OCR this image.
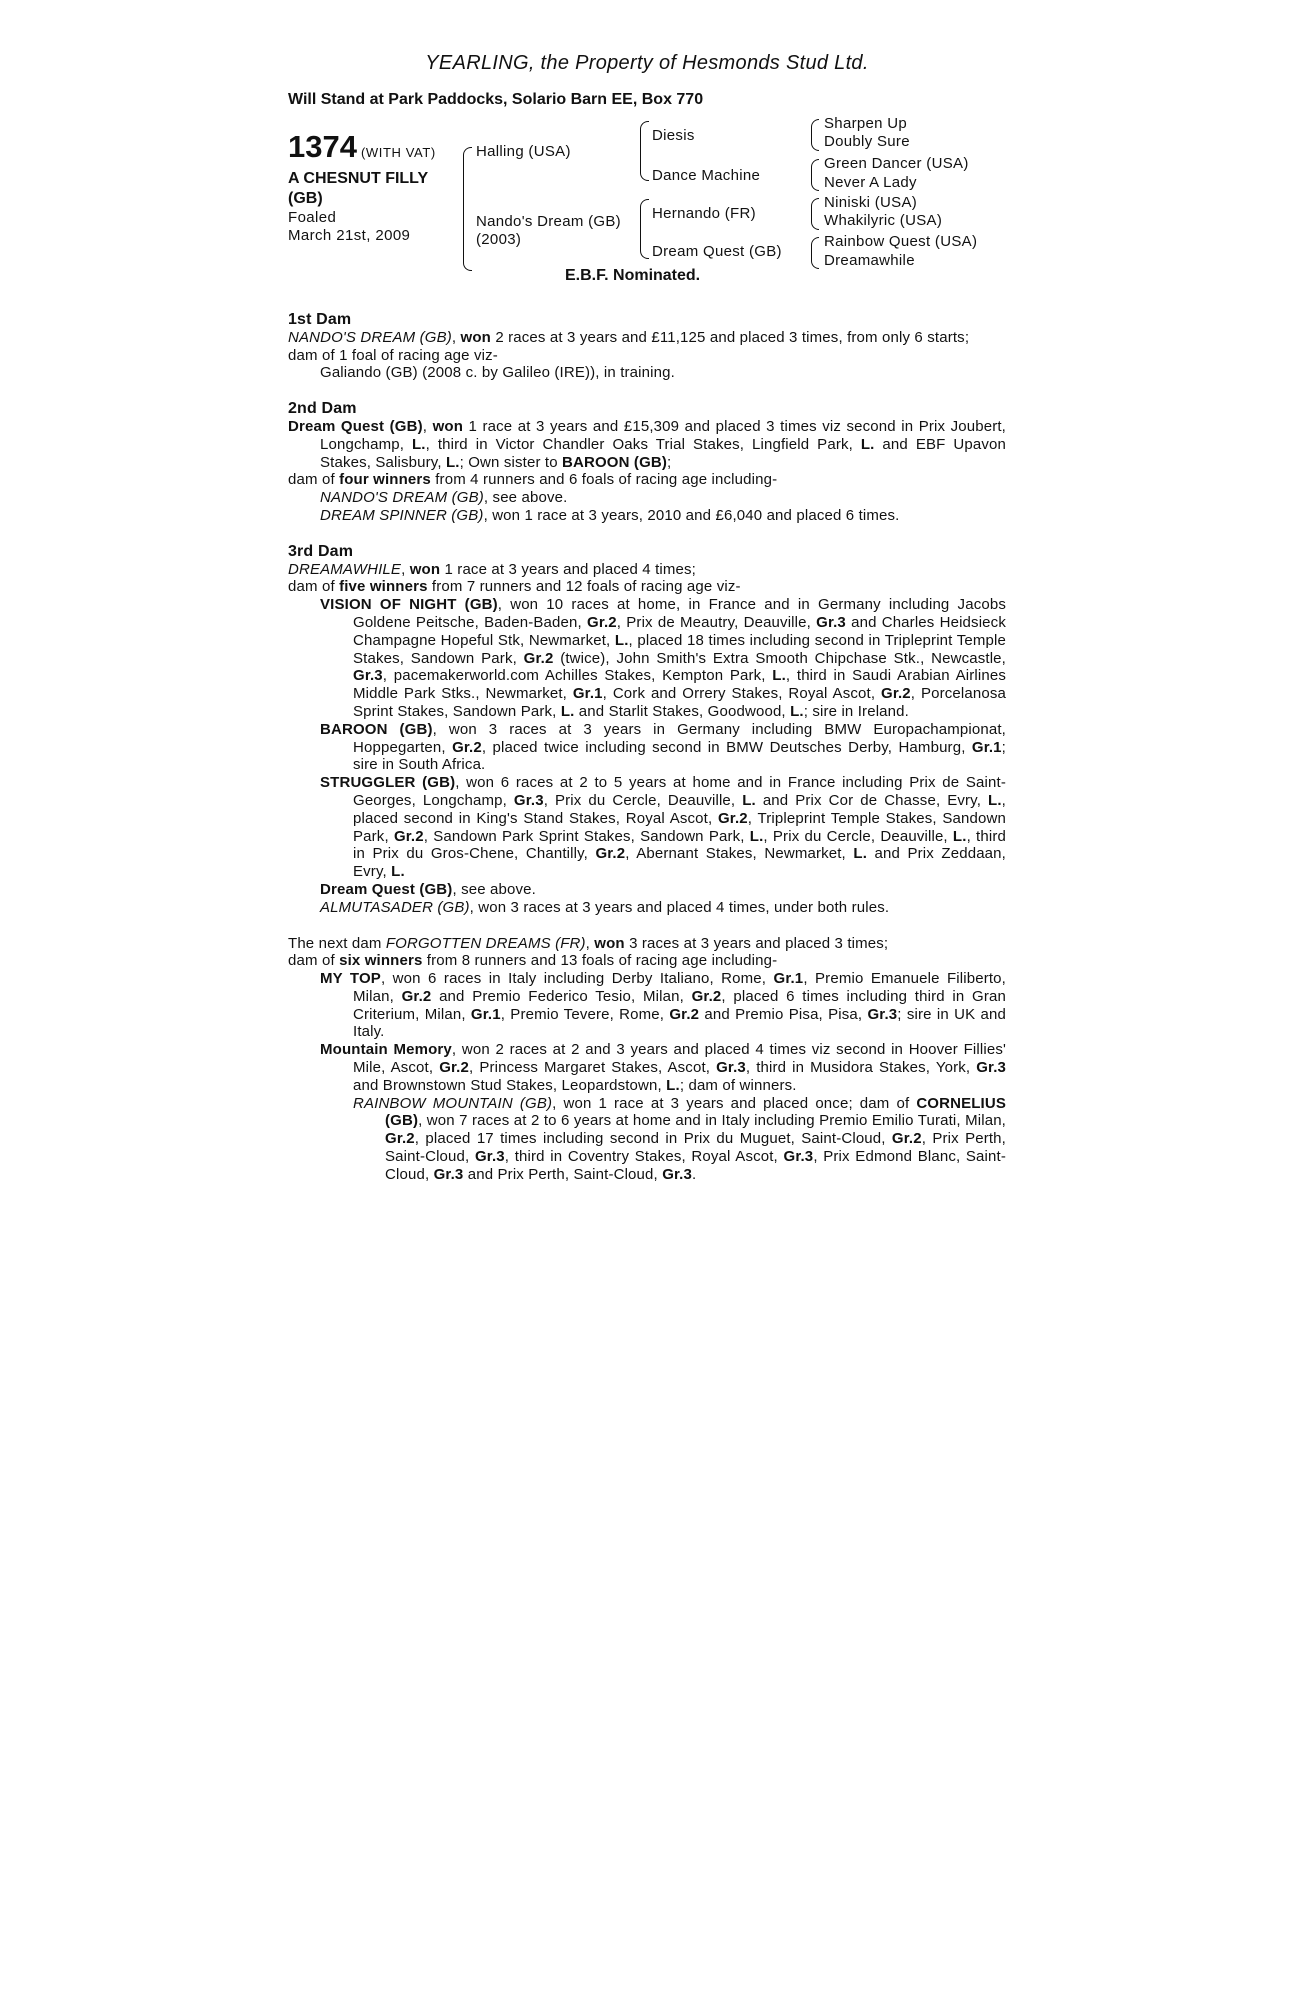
YEARLING, the Property of Hesmonds Stud Ltd.
Will Stand at Park Paddocks, Solario Barn EE, Box 770
1374 (WITH VAT)
A CHESNUT FILLY (GB)
Foaled
March 21st, 2009
Halling (USA)
Nando's Dream (GB)
(2003)
Diesis
Dance Machine
Hernando (FR)
Dream Quest (GB)
Sharpen Up
Doubly Sure
Green Dancer (USA)
Never A Lady
Niniski (USA)
Whakilyric (USA)
Rainbow Quest (USA)
Dreamawhile
E.B.F. Nominated.
1st Dam
NANDO'S DREAM (GB), won 2 races at 3 years and £11,125 and placed 3 times, from only 6 starts;
dam of 1 foal of racing age viz-
Galiando (GB) (2008 c. by Galileo (IRE)), in training.
2nd Dam
Dream Quest (GB), won 1 race at 3 years and £15,309 and placed 3 times viz second in Prix Joubert, Longchamp, L., third in Victor Chandler Oaks Trial Stakes, Lingfield Park, L. and EBF Upavon Stakes, Salisbury, L.; Own sister to BAROON (GB);
dam of four winners from 4 runners and 6 foals of racing age including-
NANDO'S DREAM (GB), see above.
DREAM SPINNER (GB), won 1 race at 3 years, 2010 and £6,040 and placed 6 times.
3rd Dam
DREAMAWHILE, won 1 race at 3 years and placed 4 times;
dam of five winners from 7 runners and 12 foals of racing age viz-
VISION OF NIGHT (GB), won 10 races at home, in France and in Germany including Jacobs Goldene Peitsche, Baden-Baden, Gr.2, Prix de Meautry, Deauville, Gr.3 and Charles Heidsieck Champagne Hopeful Stk, Newmarket, L., placed 18 times including second in Tripleprint Temple Stakes, Sandown Park, Gr.2 (twice), John Smith's Extra Smooth Chipchase Stk., Newcastle, Gr.3, pacemakerworld.com Achilles Stakes, Kempton Park, L., third in Saudi Arabian Airlines Middle Park Stks., Newmarket, Gr.1, Cork and Orrery Stakes, Royal Ascot, Gr.2, Porcelanosa Sprint Stakes, Sandown Park, L. and Starlit Stakes, Goodwood, L.; sire in Ireland.
BAROON (GB), won 3 races at 3 years in Germany including BMW Europachampionat, Hoppegarten, Gr.2, placed twice including second in BMW Deutsches Derby, Hamburg, Gr.1; sire in South Africa.
STRUGGLER (GB), won 6 races at 2 to 5 years at home and in France including Prix de Saint-Georges, Longchamp, Gr.3, Prix du Cercle, Deauville, L. and Prix Cor de Chasse, Evry, L., placed second in King's Stand Stakes, Royal Ascot, Gr.2, Tripleprint Temple Stakes, Sandown Park, Gr.2, Sandown Park Sprint Stakes, Sandown Park, L., Prix du Cercle, Deauville, L., third in Prix du Gros-Chene, Chantilly, Gr.2, Abernant Stakes, Newmarket, L. and Prix Zeddaan, Evry, L.
Dream Quest (GB), see above.
ALMUTASADER (GB), won 3 races at 3 years and placed 4 times, under both rules.
The next dam FORGOTTEN DREAMS (FR), won 3 races at 3 years and placed 3 times;
dam of six winners from 8 runners and 13 foals of racing age including-
MY TOP, won 6 races in Italy including Derby Italiano, Rome, Gr.1, Premio Emanuele Filiberto, Milan, Gr.2 and Premio Federico Tesio, Milan, Gr.2, placed 6 times including third in Gran Criterium, Milan, Gr.1, Premio Tevere, Rome, Gr.2 and Premio Pisa, Pisa, Gr.3; sire in UK and Italy.
Mountain Memory, won 2 races at 2 and 3 years and placed 4 times viz second in Hoover Fillies' Mile, Ascot, Gr.2, Princess Margaret Stakes, Ascot, Gr.3, third in Musidora Stakes, York, Gr.3 and Brownstown Stud Stakes, Leopardstown, L.; dam of winners.
RAINBOW MOUNTAIN (GB), won 1 race at 3 years and placed once; dam of CORNELIUS (GB), won 7 races at 2 to 6 years at home and in Italy including Premio Emilio Turati, Milan, Gr.2, placed 17 times including second in Prix du Muguet, Saint-Cloud, Gr.2, Prix Perth, Saint-Cloud, Gr.3, third in Coventry Stakes, Royal Ascot, Gr.3, Prix Edmond Blanc, Saint-Cloud, Gr.3 and Prix Perth, Saint-Cloud, Gr.3.
